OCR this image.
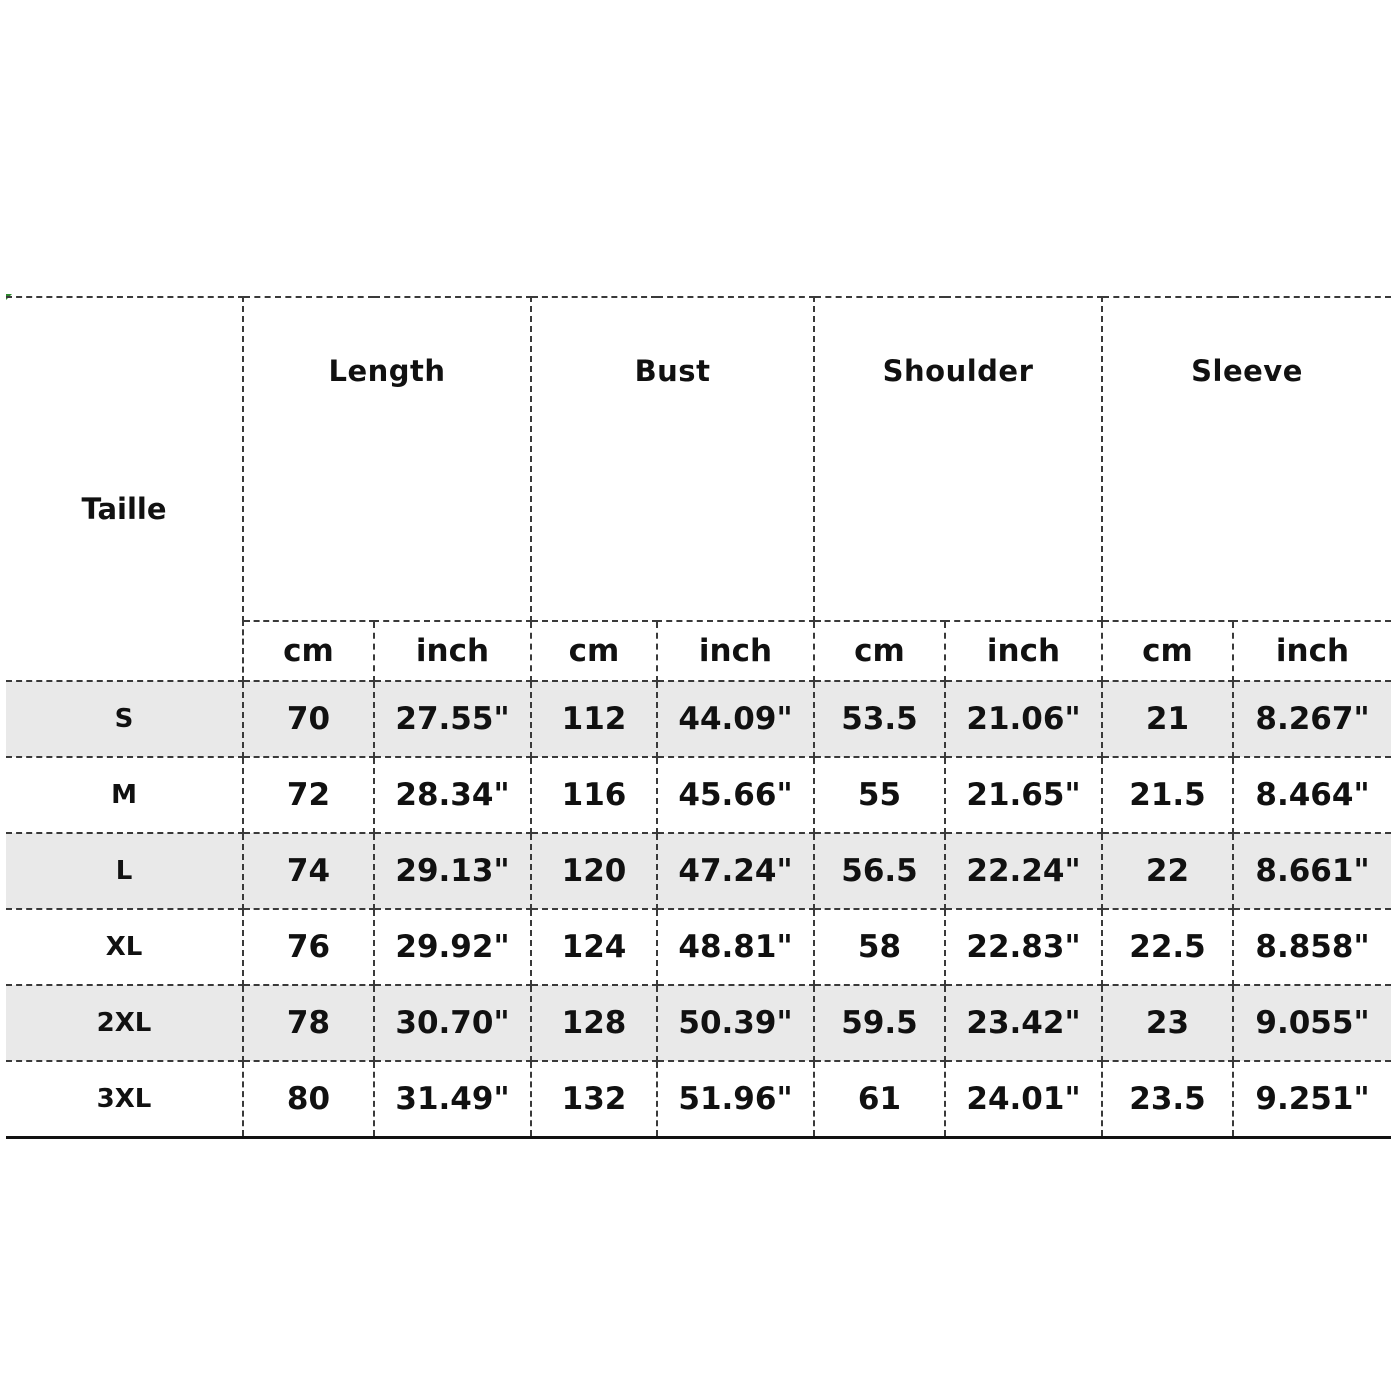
Taille	Length		Bust		Shoulder		Sleeve	
	cm	inch	cm	inch	cm	inch	cm	inch
S	70	27.55"	112	44.09"	53.5	21.06"	21	8.267"
M	72	28.34"	116	45.66"	55	21.65"	21.5	8.464"
L	74	29.13"	120	47.24"	56.5	22.24"	22	8.661"
XL	76	29.92"	124	48.81"	58	22.83"	22.5	8.858"
2XL	78	30.70"	128	50.39"	59.5	23.42"	23	9.055"
3XL	80	31.49"	132	51.96"	61	24.01"	23.5	9.251"
